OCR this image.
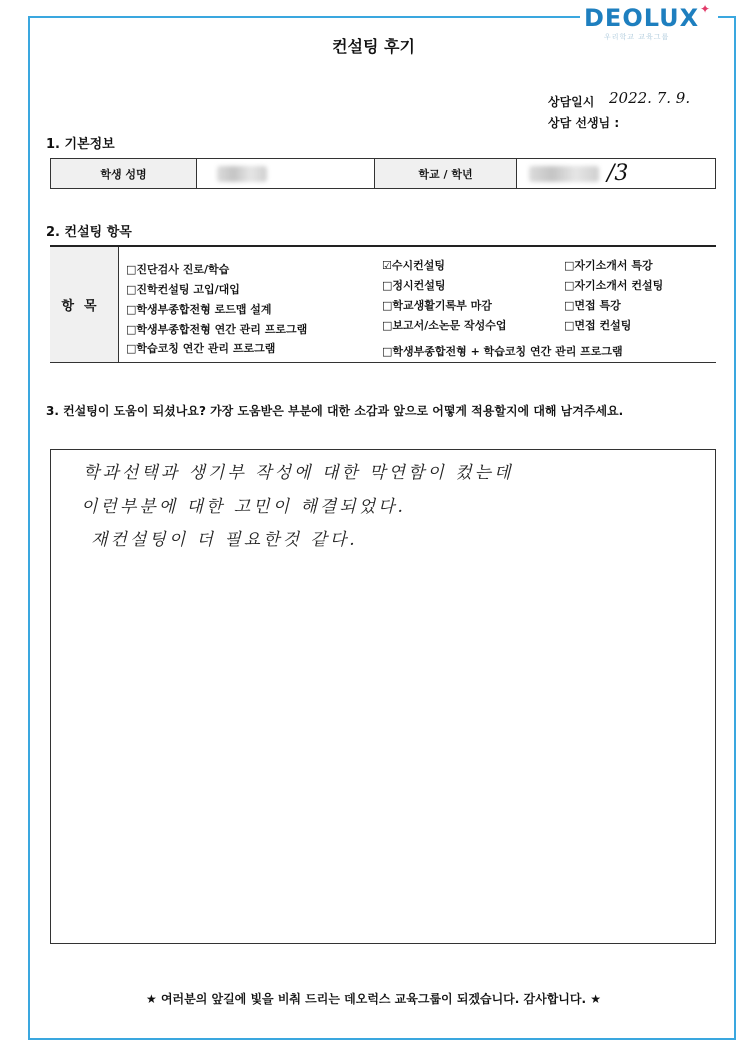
DEOLUX ✦
우리학교 교육그룹
컨설팅 후기
상담일시 2022. 7. 9.
상담 선생님 :
1. 기본정보
학생 성명	학교 / 학년	/3
2. 컨설팅 항목
항목
□진단검사 진로/학습
□진학컨설팅 고입/대입
□학생부종합전형 로드맵 설계
□학생부종합전형 연간 관리 프로그램
□학습코칭 연간 관리 프로그램
☑수시컨설팅
□정시컨설팅
□학교생활기록부 마감
□보고서/소논문 작성수업
□학생부종합전형 + 학습코칭 연간 관리 프로그램
□자기소개서 특강
□자기소개서 컨설팅
□면접 특강
□면접 컨설팅
3. 컨설팅이 도움이 되셨나요? 가장 도움받은 부분에 대한 소감과 앞으로 어떻게 적용할지에 대해 남겨주세요.
학과선택과 생기부 작성에 대한 막연함이 컸는데
이런부분에 대한 고민이 해결되었다.
재컨설팅이 더 필요한것 같다.
★ 여러분의 앞길에 빛을 비춰 드리는 데오럭스 교육그룹이 되겠습니다. 감사합니다. ★
